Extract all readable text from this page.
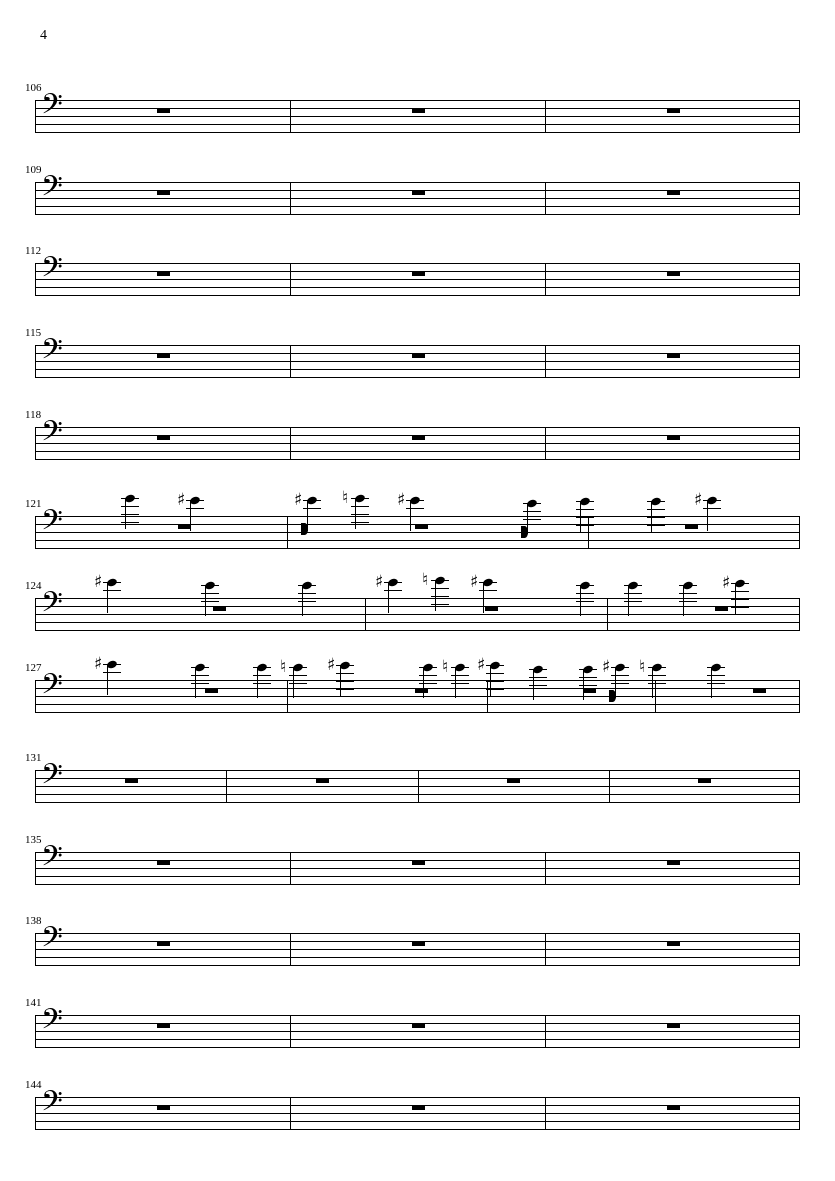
4
106 𝄢
109 𝄢
112 𝄢
115 𝄢
118 𝄢
121 𝄢
♯	♯ ♮	♯	♯
124 𝄢
♯	♯ ♮ ♯	♯
127 𝄢
♯	♮ ♯	♮ ♯	♯ ♮
131 𝄢
135 𝄢
138 𝄢
141 𝄢
144 𝄢
